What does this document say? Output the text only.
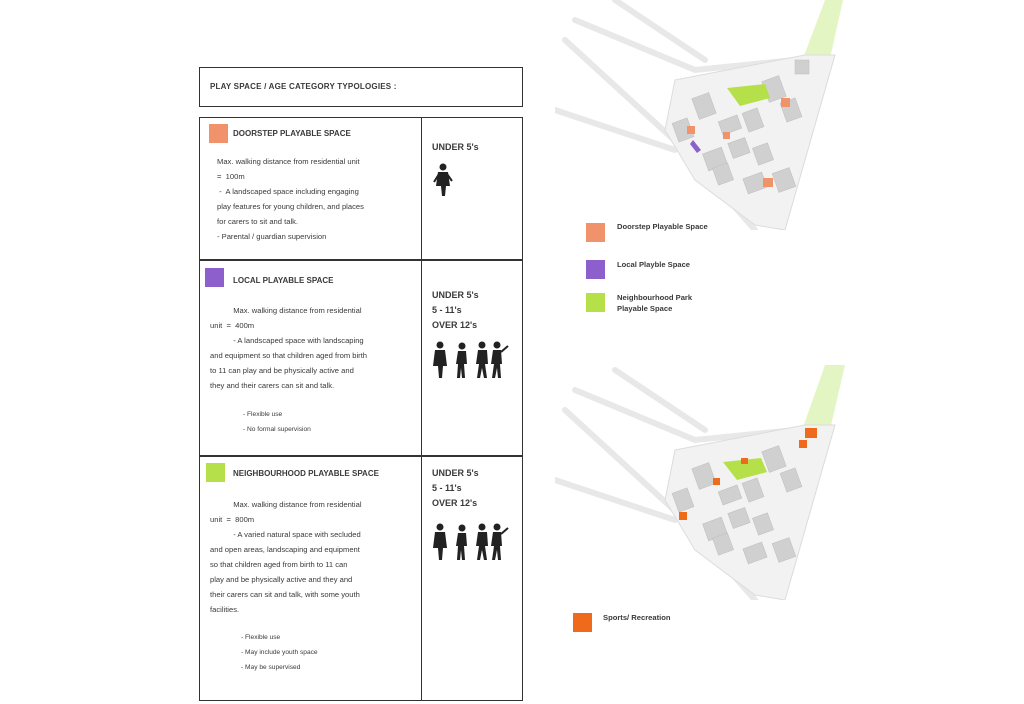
PLAY SPACE / AGE CATEGORY TYPOLOGIES :
DOORSTEP PLAYABLE SPACE
Max. walking distance from residential unit
=  100m
-  A landscaped space including engaging
play features for young children, and places
for carers to sit and talk.
- Parental / guardian supervision
UNDER 5's
LOCAL PLAYABLE SPACE
Max. walking distance from residential
unit  =  400m
- A landscaped space with landscaping
and equipment so that children aged from birth
to 11 can play and be physically active and
they and their carers can sit and talk.
- Flexible use
- No formal supervision
UNDER 5's
5 - 11's
OVER 12's
NEIGHBOURHOOD PLAYABLE SPACE
Max. walking distance from residential
unit  =  800m
- A varied natural space with secluded
and open areas, landscaping and equipment
so that children aged from birth to 11 can
play and be physically active and they and
their carers can sit and talk, with some youth
facilities.
- Flexible use
- May include youth space
- May be supervised
UNDER 5's
5 - 11's
OVER 12's
Doorstep Playable Space
Local Playble Space
Neighbourhood Park
Playable Space
Sports/ Recreation
